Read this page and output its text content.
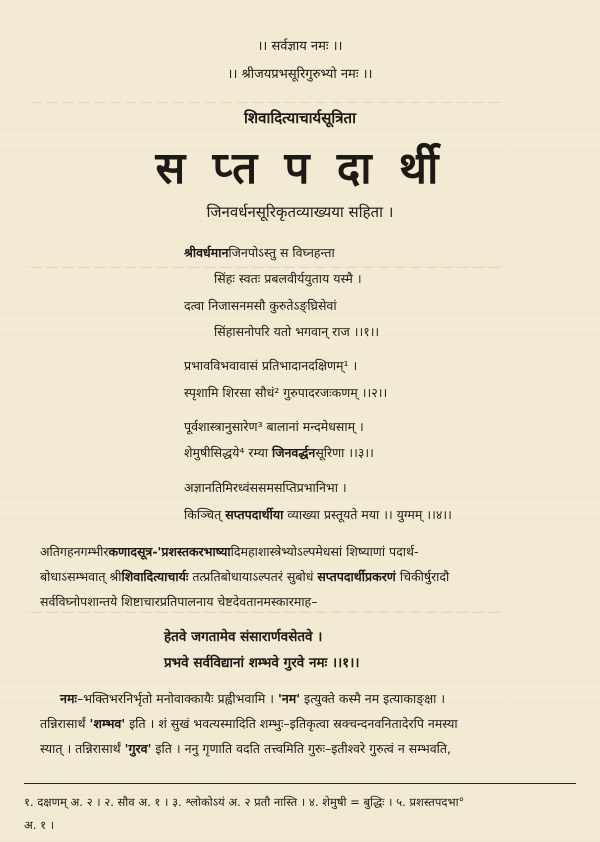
— — — — — — — — — — — — — — — — — — — — — — — — — — — — — —
— — — — — — — — — — — — — — — — — — — — — — — — — — — — — —
— — — — — — — — — — — — — — — — — — — — — — — — — — — — — —
।। सर्वज्ञाय नमः ।।
।। श्रीजयप्रभसूरिगुरुभ्यो नमः ।।
शिवादित्याचार्यसूत्रिता
स प्त प दा र्थी
जिनवर्धनसूरिकृतव्याख्यया सहिता ।
श्रीवर्धमानजिनपोऽस्तु स विघ्नहन्ता
सिंहः स्वतः प्रबलवीर्ययुताय यस्मै ।
दत्वा निजासनमसौ कुरुतेऽङ्घ्रिसेवां
सिंहासनोपरि यतो भगवान् राज ।।१।।
प्रभावविभवावासं प्रतिभादानदक्षिणम्¹ ।
स्पृशामि शिरसा सौधं² गुरुपादरजःकणम् ।।२।।
पूर्वशास्त्रानुसारेण³ बालानां मन्दमेधसाम् ।
शेमुषीसिद्धये⁴ रम्या जिनवर्द्धनसूरिणा ।।३।।
अज्ञानतिमिरध्वंससमसप्तिप्रभानिभा ।
किञ्चित् सप्तपदार्थीया व्याख्या प्रस्तूयते मया ।। युग्मम् ।।४।।
अतिगहनगम्भीरकणादसूत्र-'प्रशस्तकरभाष्यादिमहाशास्त्रेभ्योऽल्पमेधसां शिष्याणां पदार्थ-
बोधाऽसम्भवात् श्रीशिवादित्याचार्यः तत्प्रतिबोधायाऽल्पतरं सुबोधं सप्तपदार्थीप्रकरणं चिकीर्षुरादौ
सर्वविघ्नोपशान्तये शिष्टाचारप्रतिपालनाय चेष्टदेवतानमस्कारमाह–
हेतवे जगतामेव संसारार्णवसेतवे ।
प्रभवे सर्वविद्यानां शम्भवे गुरवे नमः ।।१।।
नमः–भक्तिभरनिर्भृतो मनोवाक्कायैः प्रह्वीभवामि । 'नम' इत्युक्ते कस्मै नम इत्याकाङ्क्षा ।
तन्निरासार्थं 'शम्भव' इति । शं सुखं भवत्यस्मादिति शम्भुः–इतिकृत्वा स्रक्चन्दनवनितादेरपि नमस्या
स्यात् । तन्निरासार्थं 'गुरव' इति । ननु गृणाति वदति तत्त्वमिति गुरुः–इतीश्वरे गुरुत्वं न सम्भवति,
१. दक्षणम् अ. २ । २. सौव अ. १ । ३. श्लोकोऽयं अ. २ प्रतौ नास्ति । ४. शेमुषी = बुद्धिः । ५. प्रशस्तपदभा°
अ. १ ।
